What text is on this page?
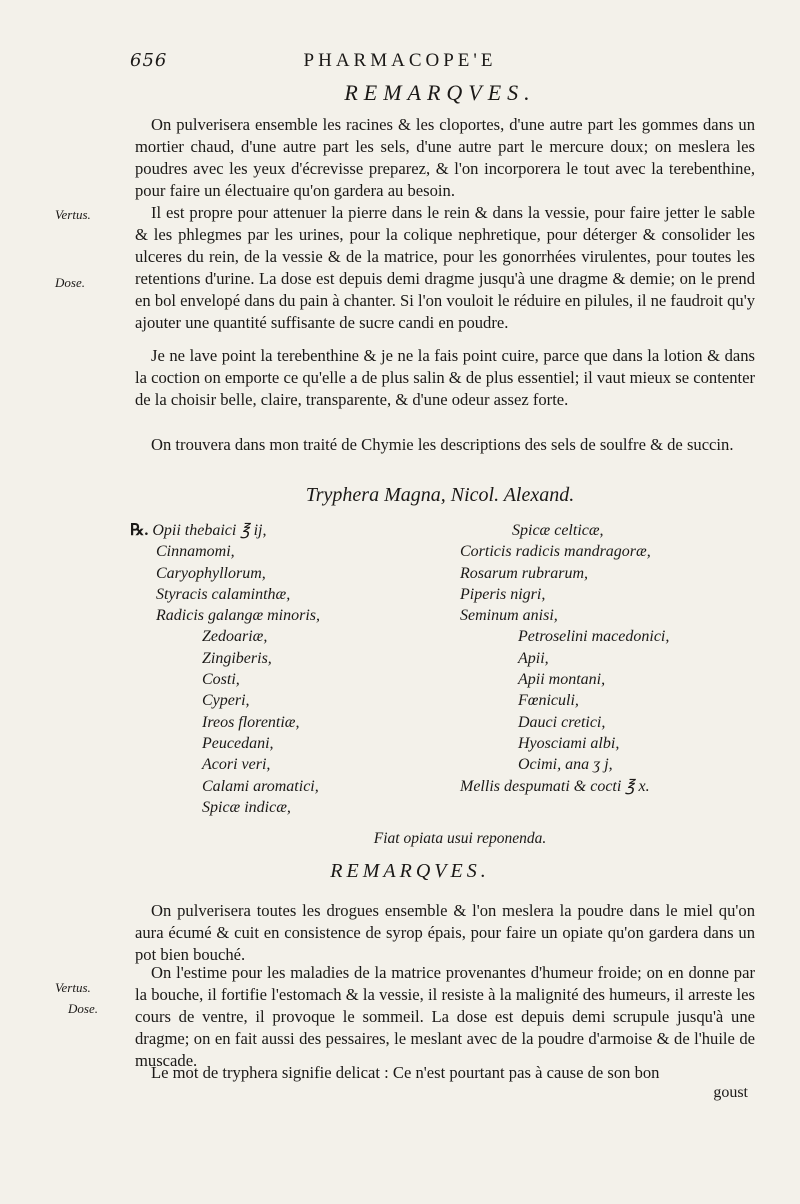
656	PHARMACOPE'E
REMARQVES.

On pulverisera ensemble les racines & les cloportes, d'une autre part les gommes dans un mortier chaud, d'une autre part les sels, d'une autre part le mercure doux; on meslera les poudres avec les yeux d'écrevisse preparez, & l'on incorporera le tout avec la terebenthine, pour faire un électuaire qu'on gardera au besoin.

Vertus.	Il est propre pour attenuer la pierre dans le rein & dans la vessie, pour faire jetter le sable & les phlegmes par les urines, pour la colique nephretique, pour déterger & consolider les ulceres du rein, de la vessie & de la matrice, pour les gonorrhées virulentes, pour toutes les retentions d'urine. La dose est depuis demi dragme jusqu'à une dragme & demie; on le prend en bol envelopé dans du pain à chanter. Si l'on vouloit le réduire en pilules, il ne faudroit qu'y ajouter une quantité suffisante de sucre candi en poudre.

Dose.

Je ne lave point la terebenthine & je ne la fais point cuire, parce que dans la lotion & dans la coction on emporte ce qu'elle a de plus salin & de plus essentiel; il vaut mieux se contenter de la choisir belle, claire, transparente, & d'une odeur assez forte.

On trouvera dans mon traité de Chymie les descriptions des sels de soulfre & de succin.

Tryphera Magna, Nicol. Alexand.
℞. Opii thebaici ℥ ij,
Cinnamomi,
Caryophyllorum,
Styracis calaminthæ,
Radicis galangæ minoris,
Zedoariæ,
Zingiberis,
Costi,
Cyperi,
Ireos florentiæ,
Peucedani,
Acori veri,
Calami aromatici,
Spicæ indicæ,
Spicæ celticæ,
Corticis radicis mandragoræ,
Rosarum rubrarum,
Piperis nigri,
Seminum anisi,
Petroselini macedonici,
Apii,
Apii montani,
Fœniculi,
Dauci cretici,
Hyosciami albi,
Ocimi, ana ʒ j,
Mellis despumati & cocti ℥ x.
Fiat opiata usui reponenda.
REMARQVES.

On pulverisera toutes les drogues ensemble & l'on meslera la poudre dans le miel qu'on aura écumé & cuit en consistence de syrop épais, pour faire un opiate qu'on gardera dans un pot bien bouché.

Vertus.
Dose.

On l'estime pour les maladies de la matrice provenantes d'humeur froide; on en donne par la bouche, il fortifie l'estomach & la vessie, il resiste à la malignité des humeurs, il arreste les cours de ventre, il provoque le sommeil. La dose est depuis demi scrupule jusqu'à une dragme; on en fait aussi des pessaires, le meslant avec de la poudre d'armoise & de l'huile de muscade.

Le mot de tryphera signifie delicat : Ce n'est pourtant pas à cause de son bon

goust
